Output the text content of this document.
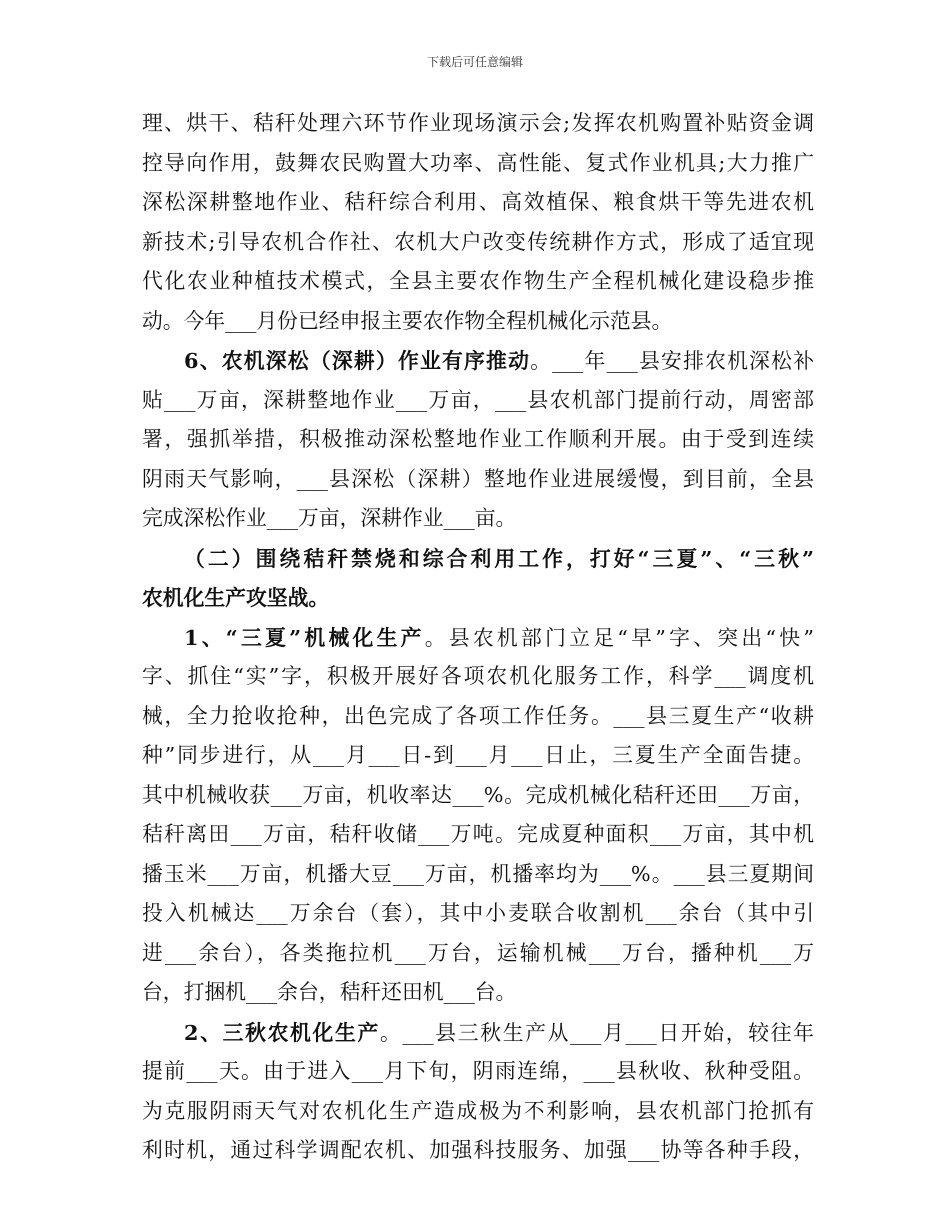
下载后可任意编辑
理、烘干、秸秆处理六环节作业现场演示会;发挥农机购置补贴资金调
控导向作用，鼓舞农民购置大功率、高性能、复式作业机具;大力推广
深松深耕整地作业、秸秆综合利用、高效植保、粮食烘干等先进农机
新技术;引导农机合作社、农机大户改变传统耕作方式，形成了适宜现
代化农业种植技术模式，全县主要农作物生产全程机械化建设稳步推
动。今年___月份已经申报主要农作物全程机械化示范县。
6、农机深松（深耕）作业有序推动。___年___县安排农机深松补
贴___万亩，深耕整地作业___万亩，___县农机部门提前行动，周密部
署，强抓举措，积极推动深松整地作业工作顺利开展。由于受到连续
阴雨天气影响，___县深松（深耕）整地作业进展缓慢，到目前，全县
完成深松作业___万亩，深耕作业___亩。
（二）围绕秸秆禁烧和综合利用工作，打好“三夏”、“三秋”
农机化生产攻坚战。
1、“三夏”机械化生产。县农机部门立足“早”字、突出“快”
字、抓住“实”字，积极开展好各项农机化服务工作，科学___调度机
械，全力抢收抢种，出色完成了各项工作任务。___县三夏生产“收耕
种”同步进行，从___月___日-到___月___日止，三夏生产全面告捷。
其中机械收获___万亩，机收率达___%。完成机械化秸秆还田___万亩，
秸秆离田___万亩，秸秆收储___万吨。完成夏种面积___万亩，其中机
播玉米___万亩，机播大豆___万亩，机播率均为___%。___县三夏期间
投入机械达___万余台（套），其中小麦联合收割机___余台（其中引
进___余台），各类拖拉机___万台，运输机械___万台，播种机___万
台，打捆机___余台，秸秆还田机___台。
2、三秋农机化生产。___县三秋生产从___月___日开始，较往年
提前___天。由于进入___月下旬，阴雨连绵，___县秋收、秋种受阻。
为克服阴雨天气对农机化生产造成极为不利影响，县农机部门抢抓有
利时机，通过科学调配农机、加强科技服务、加强___协等各种手段，
